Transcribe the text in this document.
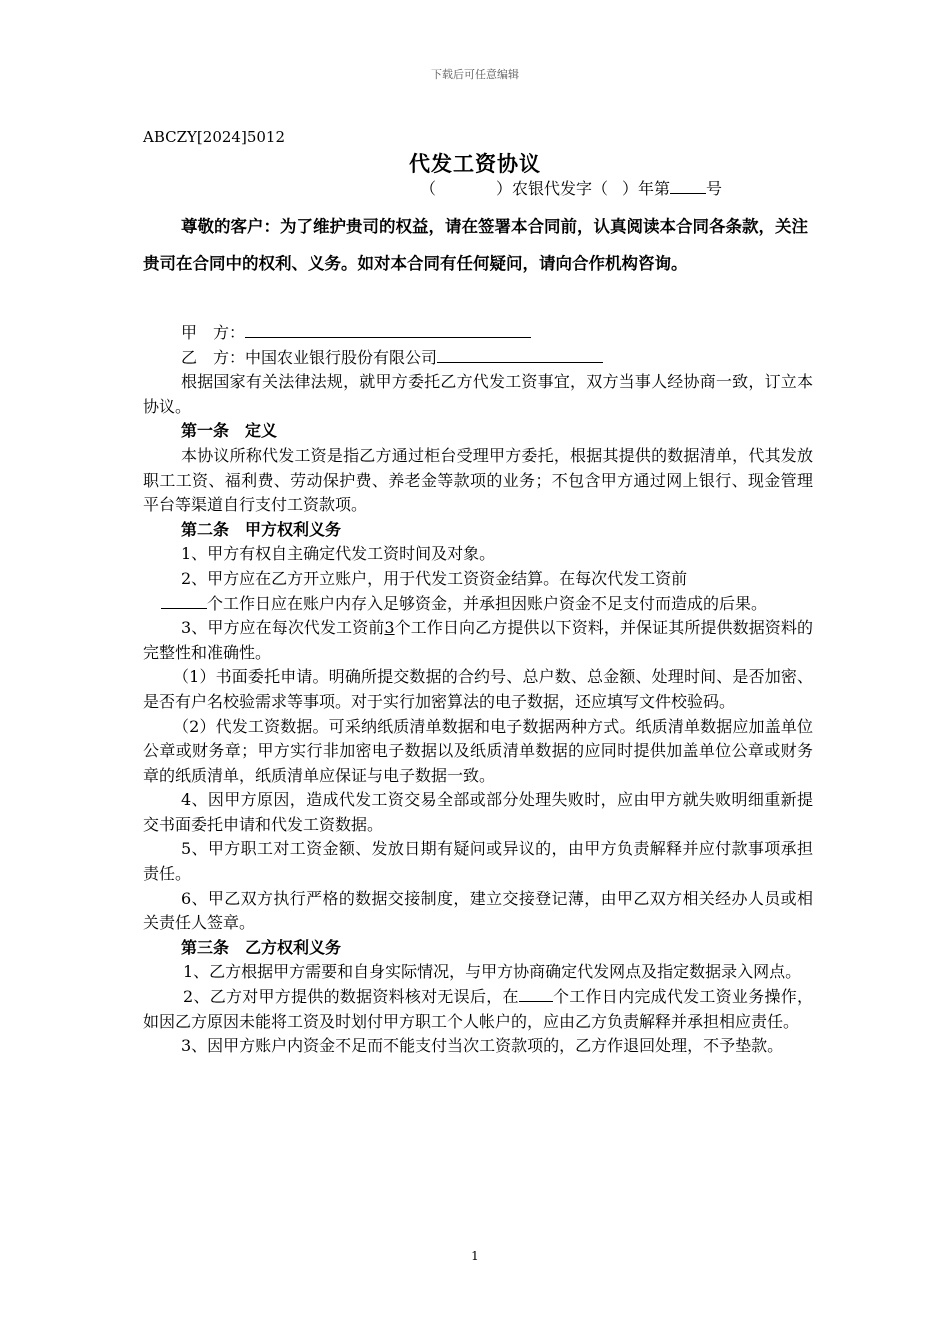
下载后可任意编辑
ABCZY[2024]5012
代发工资协议
（	）农银代发字（ ）年第 号
尊敬的客户：为了维护贵司的权益，请在签署本合同前，认真阅读本合同各条款，关注贵司在合同中的权利、义务。如对本合同有任何疑问，请向合作机构咨询。

甲　方：

乙　方：中国农业银行股份有限公司

根据国家有关法律法规，就甲方委托乙方代发工资事宜，双方当事人经协商一致，订立本协议。

第一条　定义

本协议所称代发工资是指乙方通过柜台受理甲方委托，根据其提供的数据清单，代其发放职工工资、福利费、劳动保护费、养老金等款项的业务；不包含甲方通过网上银行、现金管理平台等渠道自行支付工资款项。

第二条　甲方权利义务

1、甲方有权自主确定代发工资时间及对象。

2、甲方应在乙方开立账户，用于代发工资资金结算。在每次代发工资前

个工作日应在账户内存入足够资金，并承担因账户资金不足支付而造成的后果。

3、甲方应在每次代发工资前3个工作日向乙方提供以下资料，并保证其所提供数据资料的完整性和准确性。

（1）书面委托申请。明确所提交数据的合约号、总户数、总金额、处理时间、是否加密、是否有户名校验需求等事项。对于实行加密算法的电子数据，还应填写文件校验码。

（2）代发工资数据。可采纳纸质清单数据和电子数据两种方式。纸质清单数据应加盖单位公章或财务章；甲方实行非加密电子数据以及纸质清单数据的应同时提供加盖单位公章或财务章的纸质清单，纸质清单应保证与电子数据一致。

4、因甲方原因，造成代发工资交易全部或部分处理失败时，应由甲方就失败明细重新提交书面委托申请和代发工资数据。

5、甲方职工对工资金额、发放日期有疑问或异议的，由甲方负责解释并应付款事项承担责任。

6、甲乙双方执行严格的数据交接制度，建立交接登记薄，由甲乙双方相关经办人员或相关责任人签章。

第三条　乙方权利义务

1、乙方根据甲方需要和自身实际情况，与甲方协商确定代发网点及指定数据录入网点。

2、乙方对甲方提供的数据资料核对无误后，在 个工作日内完成代发工资业务操作，如因乙方原因未能将工资及时划付甲方职工个人帐户的，应由乙方负责解释并承担相应责任。

3、因甲方账户内资金不足而不能支付当次工资款项的，乙方作退回处理，不予垫款。

1
